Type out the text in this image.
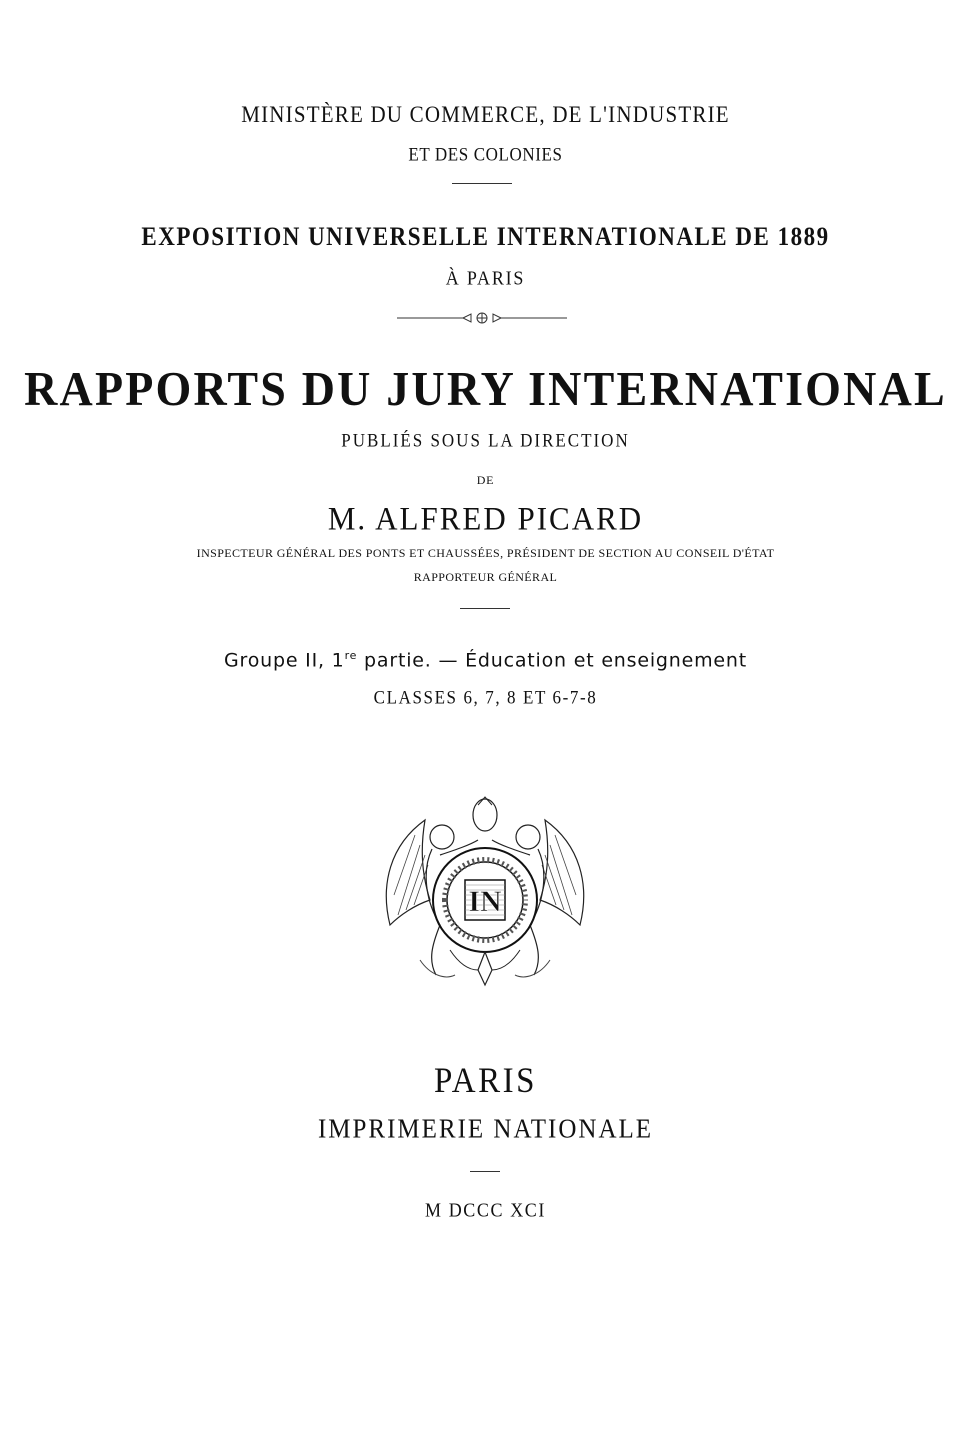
MINISTÈRE DU COMMERCE, DE L'INDUSTRIE
ET DES COLONIES
EXPOSITION UNIVERSELLE INTERNATIONALE DE 1889
À PARIS
RAPPORTS DU JURY INTERNATIONAL
PUBLIÉS SOUS LA DIRECTION
DE
M. ALFRED PICARD
INSPECTEUR GÉNÉRAL DES PONTS ET CHAUSSÉES, PRÉSIDENT DE SECTION AU CONSEIL D'ÉTAT
RAPPORTEUR GÉNÉRAL
Groupe II, 1re partie. — Éducation et enseignement
CLASSES 6, 7, 8 ET 6-7-8
IN
PARIS
IMPRIMERIE NATIONALE
M DCCC XCI
